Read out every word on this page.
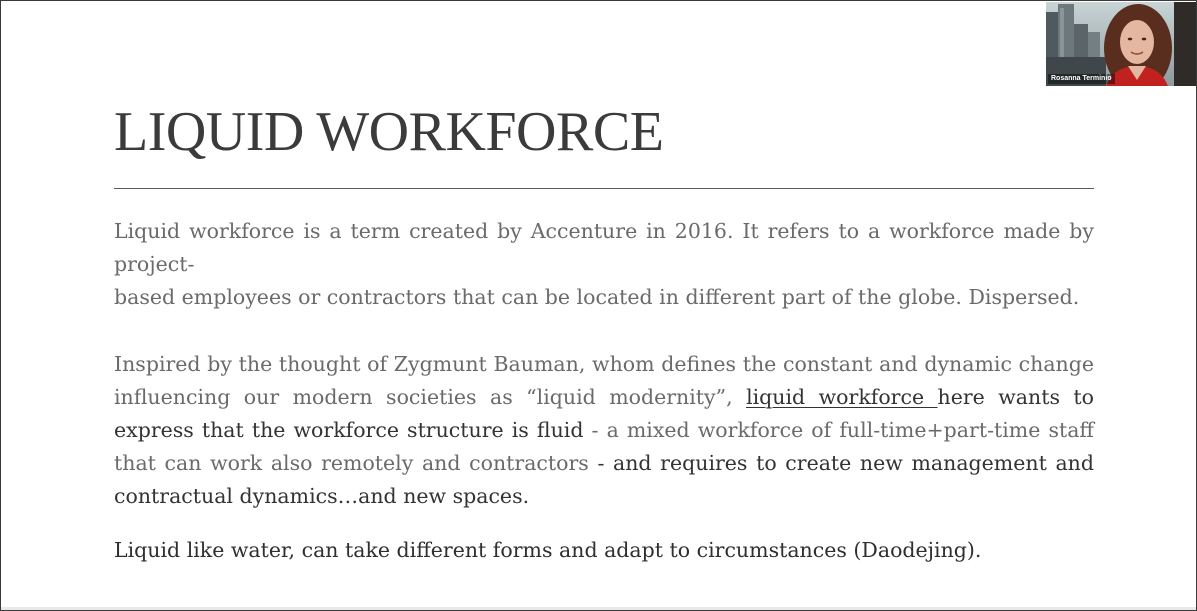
LIQUID WORKFORCE

Liquid workforce is a term created by Accenture in 2016. It refers to a workforce made by project-
based employees or contractors that can be located in different part of the globe. Dispersed.

Inspired by the thought of Zygmunt Bauman, whom defines the constant and dynamic change influencing our modern societies as “liquid modernity”, liquid workforce here wants to express that the workforce structure is fluid - a mixed workforce of full-time+part-time staff that can work also remotely and contractors - and requires to create new management and contractual dynamics…and new spaces.

Liquid like water, can take different forms and adapt to circumstances (Daodejing).

Rosanna Terminio
